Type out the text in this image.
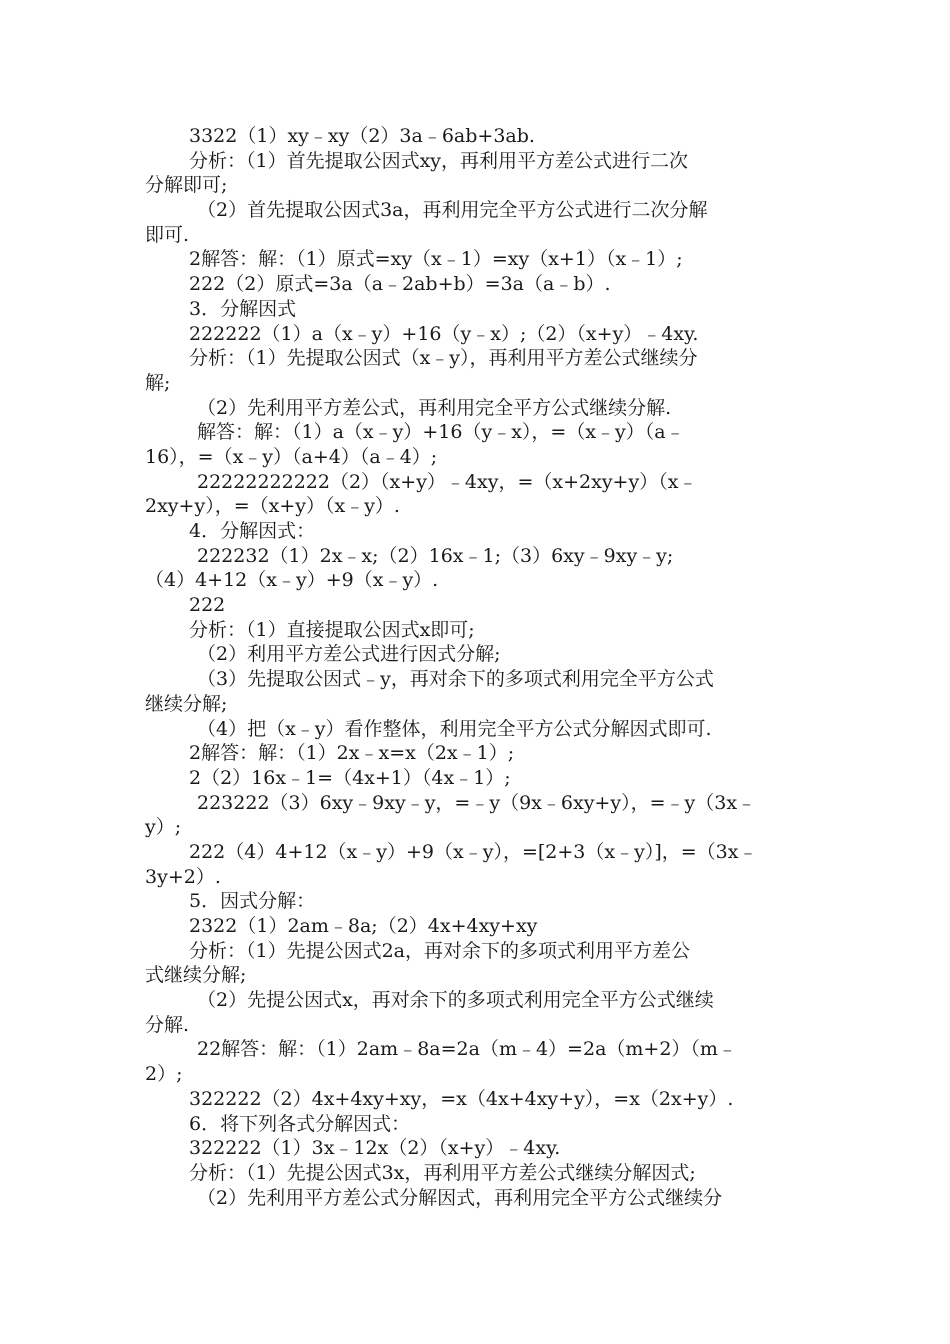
3322（1）xy﹣xy（2）3a﹣6ab+3ab.
分析：（1）首先提取公因式xy，再利用平方差公式进行二次
分解即可;
（2）首先提取公因式3a，再利用完全平方公式进行二次分解
即可.
2解答：解：（1）原式=xy（x﹣1）=xy（x+1）（x﹣1）;
222（2）原式=3a（a﹣2ab+b）=3a（a﹣b）.
3．分解因式
222222（1）a（x﹣y）+16（y﹣x）;（2）（x+y）﹣4xy.
分析：（1）先提取公因式（x﹣y），再利用平方差公式继续分
解;
（2）先利用平方差公式，再利用完全平方公式继续分解.
解答：解：（1）a（x﹣y）+16（y﹣x），=（x﹣y）（a﹣
16），=（x﹣y）（a+4）（a﹣4）;
22222222222（2）（x+y）﹣4xy，=（x+2xy+y）（x﹣
2xy+y），=（x+y）（x﹣y）.
4．分解因式：
222232（1）2x﹣x;（2）16x﹣1;（3）6xy﹣9xy﹣y;
（4）4+12（x﹣y）+9（x﹣y）.
222
分析：（1）直接提取公因式x即可;
（2）利用平方差公式进行因式分解;
（3）先提取公因式﹣y，再对余下的多项式利用完全平方公式
继续分解;
（4）把（x﹣y）看作整体，利用完全平方公式分解因式即可.
2解答：解：（1）2x﹣x=x（2x﹣1）;
2（2）16x﹣1=（4x+1）（4x﹣1）;
223222（3）6xy﹣9xy﹣y，=﹣y（9x﹣6xy+y），=﹣y（3x﹣
y）;
222（4）4+12（x﹣y）+9（x﹣y），=[2+3（x﹣y）]，=（3x﹣
3y+2）.
5．因式分解：
2322（1）2am﹣8a;（2）4x+4xy+xy
分析：（1）先提公因式2a，再对余下的多项式利用平方差公
式继续分解;
（2）先提公因式x，再对余下的多项式利用完全平方公式继续
分解.
22解答：解：（1）2am﹣8a=2a（m﹣4）=2a（m+2）（m﹣
2）;
322222（2）4x+4xy+xy，=x（4x+4xy+y），=x（2x+y）.
6．将下列各式分解因式：
322222（1）3x﹣12x（2）（x+y）﹣4xy.
分析：（1）先提公因式3x，再利用平方差公式继续分解因式;
（2）先利用平方差公式分解因式，再利用完全平方公式继续分
